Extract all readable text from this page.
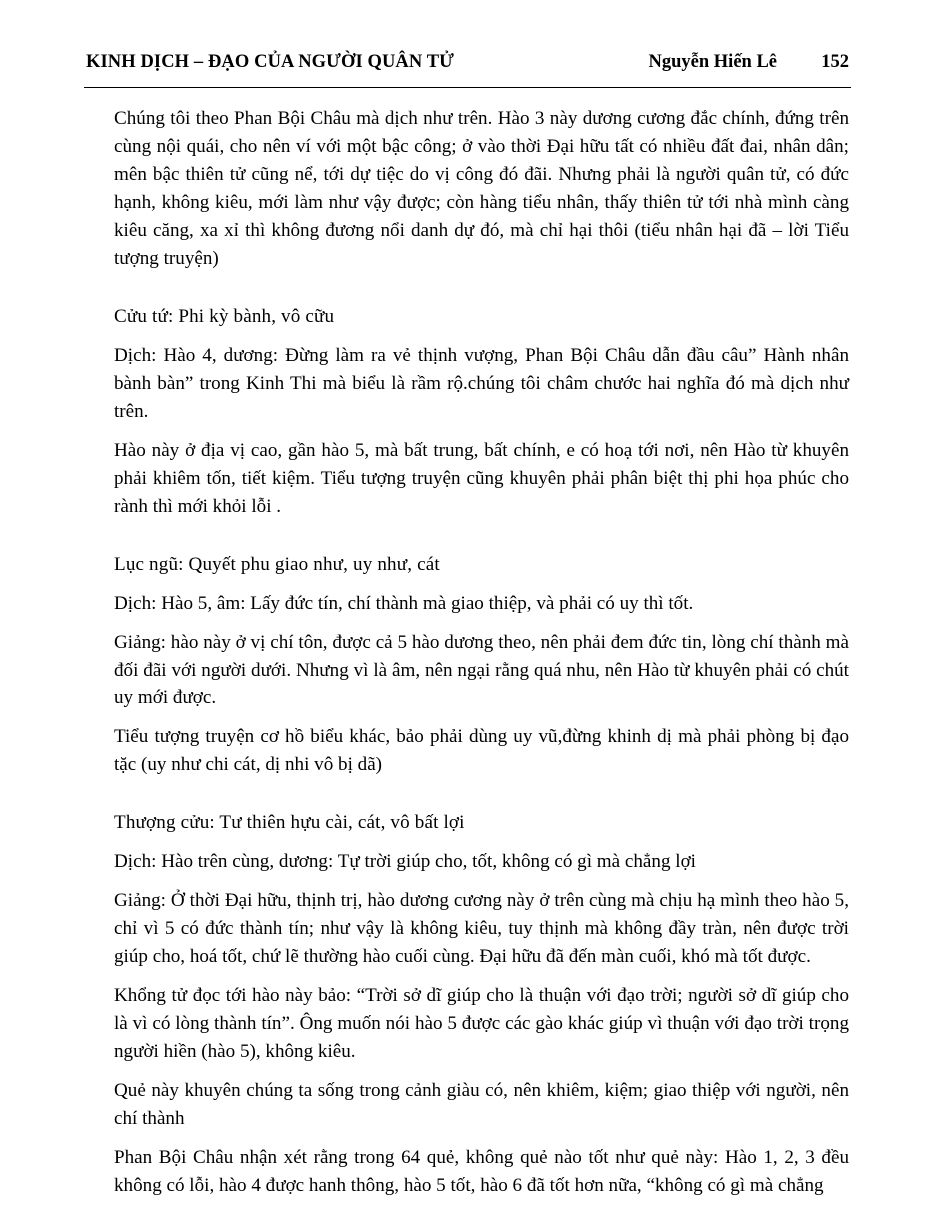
KINH DỊCH – ĐẠO CỦA NGƯỜI QUÂN TỬ	Nguyễn Hiến Lê 152

Chúng tôi theo Phan Bội Châu mà dịch như trên. Hào 3 này dương cương đắc chính, đứng trên cùng nội quái, cho nên ví với một bậc công; ở vào thời Đại hữu tất có nhiều đất đai, nhân dân; mên bậc thiên tử cũng nể, tới dự tiệc do vị công đó đãi. Nhưng phải là người quân tử, có đức hạnh, không kiêu, mới làm như vậy được; còn hàng tiểu nhân, thấy thiên tử tới nhà mình càng kiêu căng, xa xỉ thì không đương nổi danh dự đó, mà chỉ hại thôi (tiểu nhân hại đã – lời Tiểu tượng truyện)

Cửu tứ: Phi kỳ bành, vô cữu

Dịch: Hào 4, dương: Đừng làm ra vẻ thịnh vượng, Phan Bội Châu dẫn đầu câu” Hành nhân bành bàn” trong Kinh Thi mà biểu là rầm rộ.chúng tôi châm chước hai nghĩa đó mà dịch như trên.

Hào này ở địa vị cao, gần hào 5, mà bất trung, bất chính, e có hoạ tới nơi, nên Hào từ khuyên phải khiêm tốn, tiết kiệm. Tiểu tượng truyện cũng khuyên phải phân biệt thị phi họa phúc cho rành thì mới khỏi lỗi .

Lục ngũ: Quyết phu giao như, uy như, cát

Dịch: Hào 5, âm: Lấy đức tín, chí thành mà giao thiệp, và phải có uy thì tốt.

Giảng: hào này ở vị chí tôn, được cả 5 hào dương theo, nên phải đem đức tin, lòng chí thành mà đối đãi với người dưới. Nhưng vì là âm, nên ngại rằng quá nhu, nên Hào từ khuyên phải có chút uy mới được.

Tiểu tượng truyện cơ hồ biểu khác, bảo phải dùng uy vũ,đừng khinh dị mà phải phòng bị đạo tặc (uy như chi cát, dị nhi vô bị dã)

Thượng cửu: Tư thiên hựu cài, cát, vô bất lợi

Dịch: Hào trên cùng, dương: Tự trời giúp cho, tốt, không có gì mà chẳng lợi

Giảng: Ở thời Đại hữu, thịnh trị, hào dương cương này ở trên cùng mà chịu hạ mình theo hào 5, chỉ vì 5 có đức thành tín; như vậy là không kiêu, tuy thịnh mà không đầy tràn, nên được trời giúp cho, hoá tốt, chứ lẽ thường hào cuối cùng. Đại hữu đã đến màn cuối, khó mà tốt được.

Khổng tử đọc tới hào này bảo: “Trời sở dĩ giúp cho là thuận với đạo trời; người sở dĩ giúp cho là vì có lòng thành tín”. Ông muốn nói hào 5 được các gào khác giúp vì thuận với đạo trời trọng người hiền (hào 5), không kiêu.

Quẻ này khuyên chúng ta sống trong cảnh giàu có, nên khiêm, kiệm; giao thiệp với người, nên chí thành

Phan Bội Châu nhận xét rằng trong 64 quẻ, không quẻ nào tốt như quẻ này: Hào 1, 2, 3 đều không có lỗi, hào 4 được hanh thông, hào 5 tốt, hào 6 đã tốt hơn nữa, “không có gì mà chẳng
